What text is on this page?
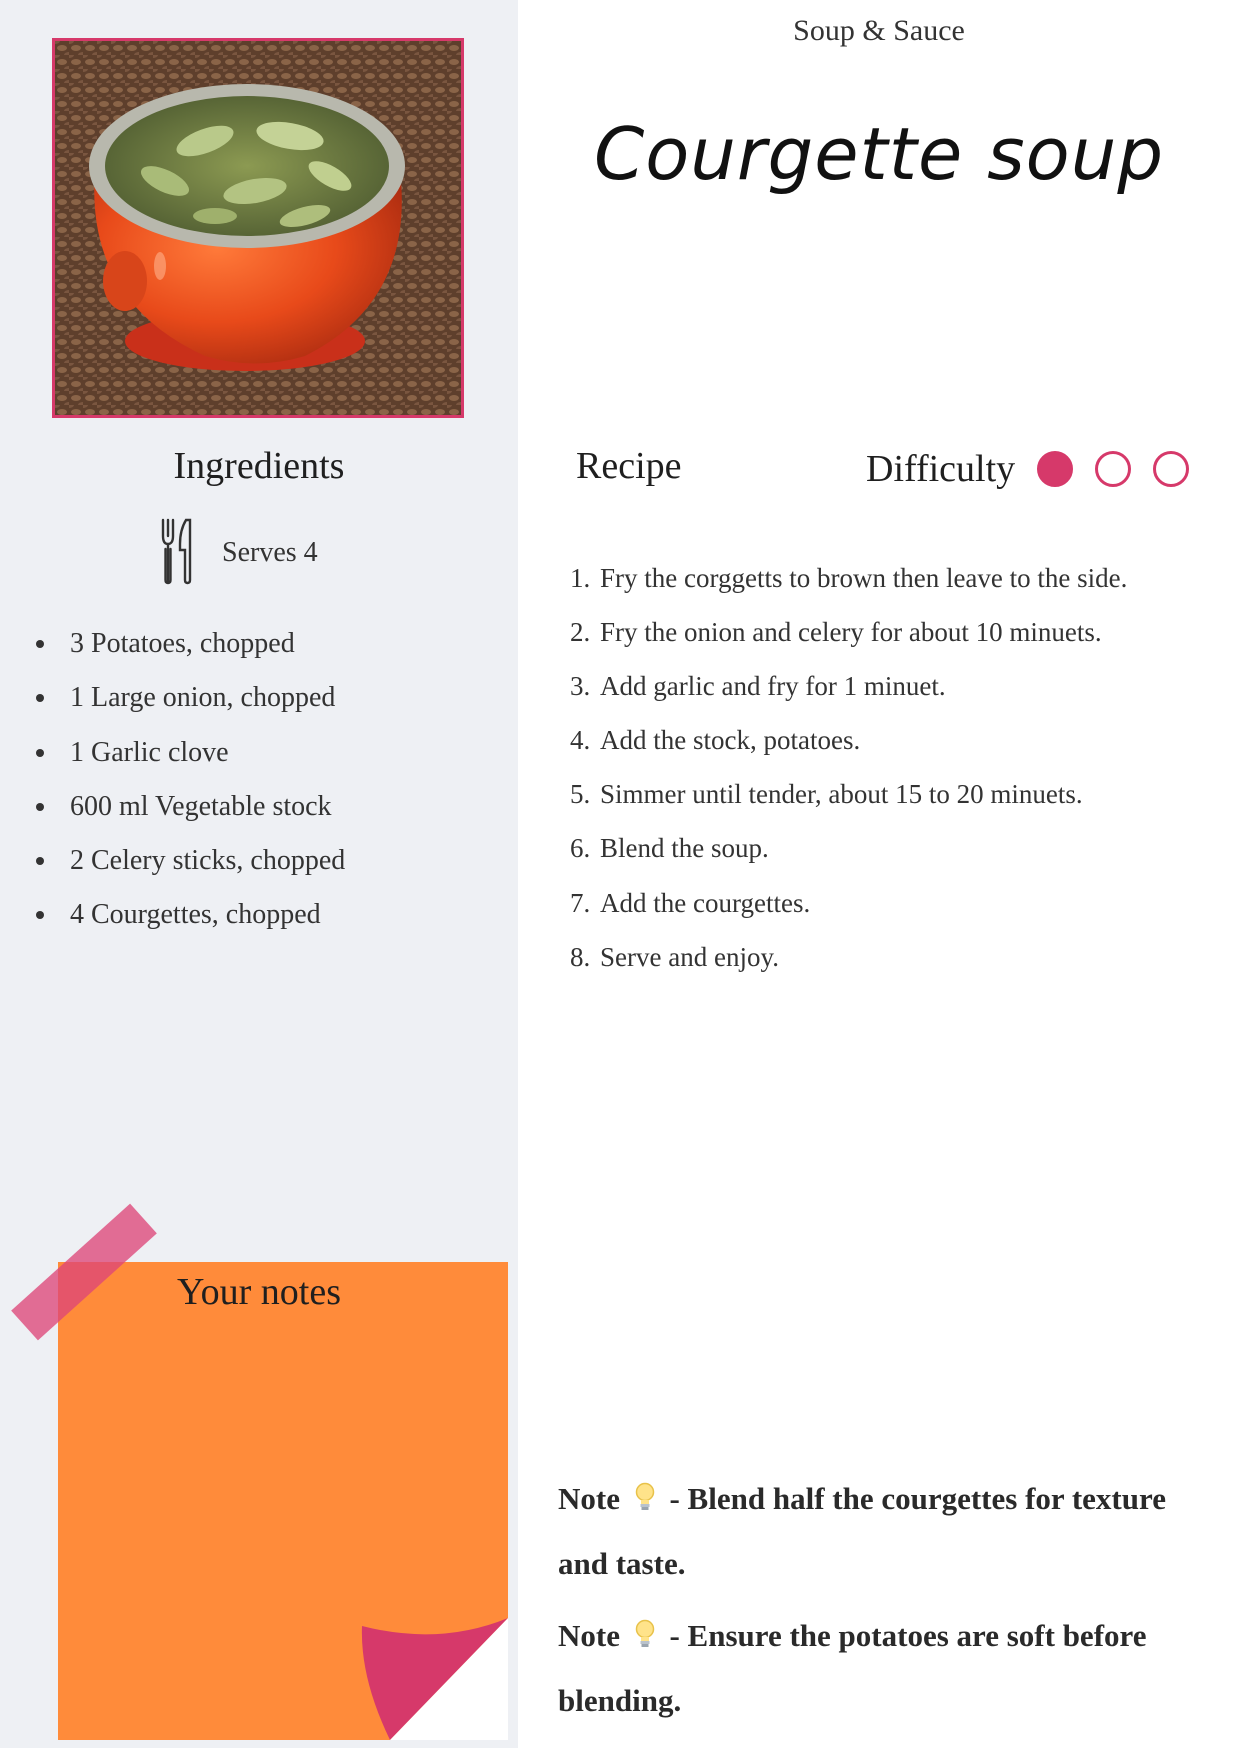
Ingredients
Serves 4
3 Potatoes, chopped
1 Large onion, chopped
1 Garlic clove
600 ml Vegetable stock
2 Celery sticks, chopped
4 Courgettes, chopped
Your notes
Soup & Sauce
Courgette soup
Recipe	Difficulty
1. Fry the corggetts to brown then leave to the side.
2. Fry the onion and celery for about 10 minuets.
3. Add garlic and fry for 1 minuet.
4. Add the stock, potatoes.
5. Simmer until tender, about 15 to 20 minuets.
6. Blend the soup.
7. Add the courgettes.
8. Serve and enjoy.

Note - Blend half the courgettes for texture and taste.

Note - Ensure the potatoes are soft before blending.
